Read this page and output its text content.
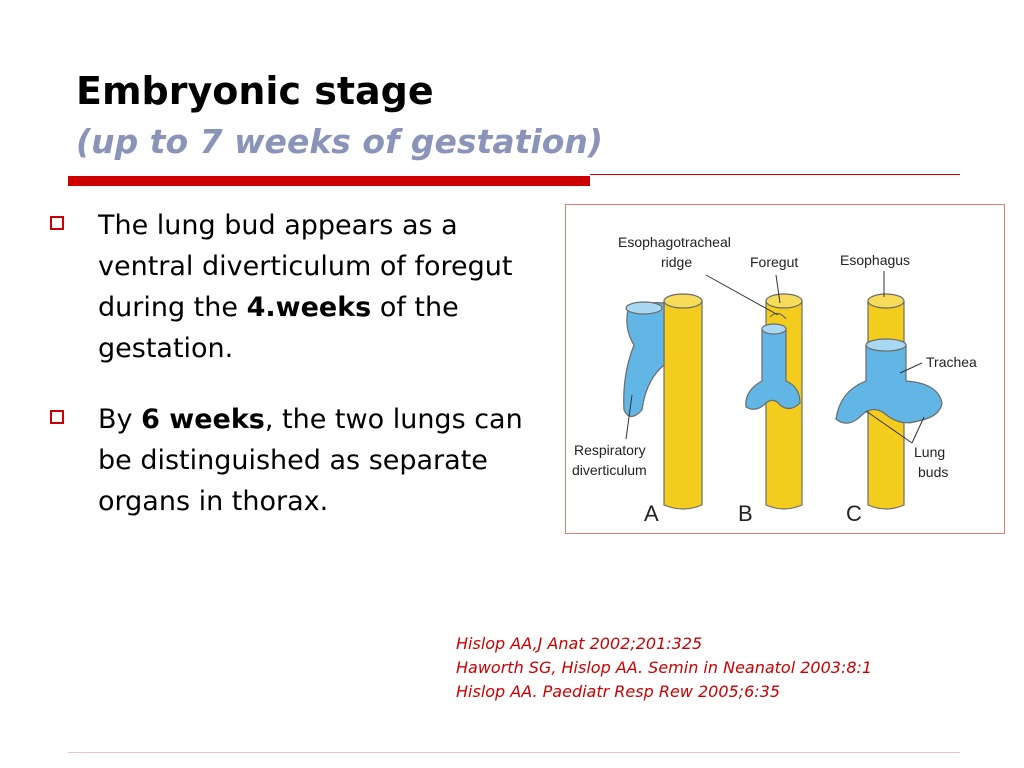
Embryonic stage
(up to 7 weeks of gestation)
The lung bud appears as a ventral diverticulum of foregut during the 4.weeks of the gestation.
By 6 weeks, the two lungs can be distinguished as separate organs in thorax.
Esophagotracheal
ridge	Foregut	Esophagus
Trachea
Respiratory
diverticulum
Lung
buds
A	B	C
Hislop AA,J Anat 2002;201:325
Haworth SG, Hislop AA. Semin in Neanatol 2003:8:1
Hislop AA. Paediatr Resp Rew 2005;6:35
